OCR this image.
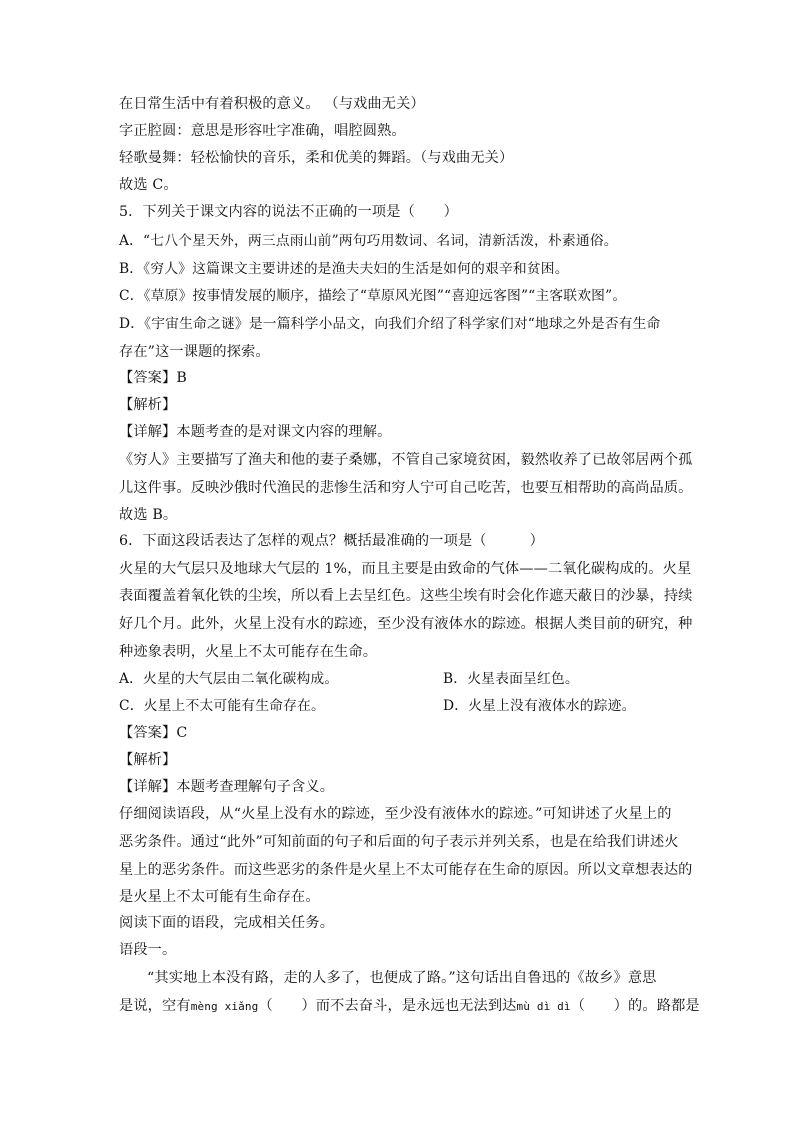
在日常生活中有着积极的意义。 （与戏曲无关）
字正腔圆：意思是形容吐字准确，唱腔圆熟。
轻歌曼舞：轻松愉快的音乐，柔和优美的舞蹈。（与戏曲无关）
故选 C。
5．下列关于课文内容的说法不正确的一项是（　　）
A．“七八个星天外，两三点雨山前”两句巧用数词、名词，清新活泼，朴素通俗。
B．《穷人》这篇课文主要讲述的是渔夫夫妇的生活是如何的艰辛和贫困。
C．《草原》按事情发展的顺序，描绘了“草原风光图”“喜迎远客图”“主客联欢图”。
D．《宇宙生命之谜》是一篇科学小品文，向我们介绍了科学家们对“地球之外是否有生命
存在”这一课题的探索。
【答案】B
【解析】
【详解】本题考查的是对课文内容的理解。
《穷人》主要描写了渔夫和他的妻子桑娜，不管自己家境贫困，毅然收养了已故邻居两个孤
儿这件事。反映沙俄时代渔民的悲惨生活和穷人宁可自己吃苦，也要互相帮助的高尚品质。
故选 B。
6．下面这段话表达了怎样的观点？概括最准确的一项是（　　　）
火星的大气层只及地球大气层的 1%，而且主要是由致命的气体——二氧化碳构成的。火星
表面覆盖着氧化铁的尘埃，所以看上去呈红色。这些尘埃有时会化作遮天蔽日的沙暴，持续
好几个月。此外，火星上没有水的踪迹，至少没有液体水的踪迹。根据人类目前的研究，种
种迹象表明，火星上不太可能存在生命。
A．火星的大气层由二氧化碳构成。	B．火星表面呈红色。
C．火星上不太可能有生命存在。	D．火星上没有液体水的踪迹。
【答案】C
【解析】
【详解】本题考查理解句子含义。
仔细阅读语段，从“火星上没有水的踪迹，至少没有液体水的踪迹。”可知讲述了火星上的
恶劣条件。通过“此外”可知前面的句子和后面的句子表示并列关系，也是在给我们讲述火
星上的恶劣条件。而这些恶劣的条件是火星上不太可能存在生命的原因。所以文章想表达的
是火星上不太可能有生命存在。
阅读下面的语段，完成相关任务。
语段一。
“其实地上本没有路，走的人多了，也便成了路。”这句话出自鲁迅的《故乡》意思
是说，空有mèng xiǎng（　　）而不去奋斗，是永远也无法到达mù dì dì（　　）的。路都是
